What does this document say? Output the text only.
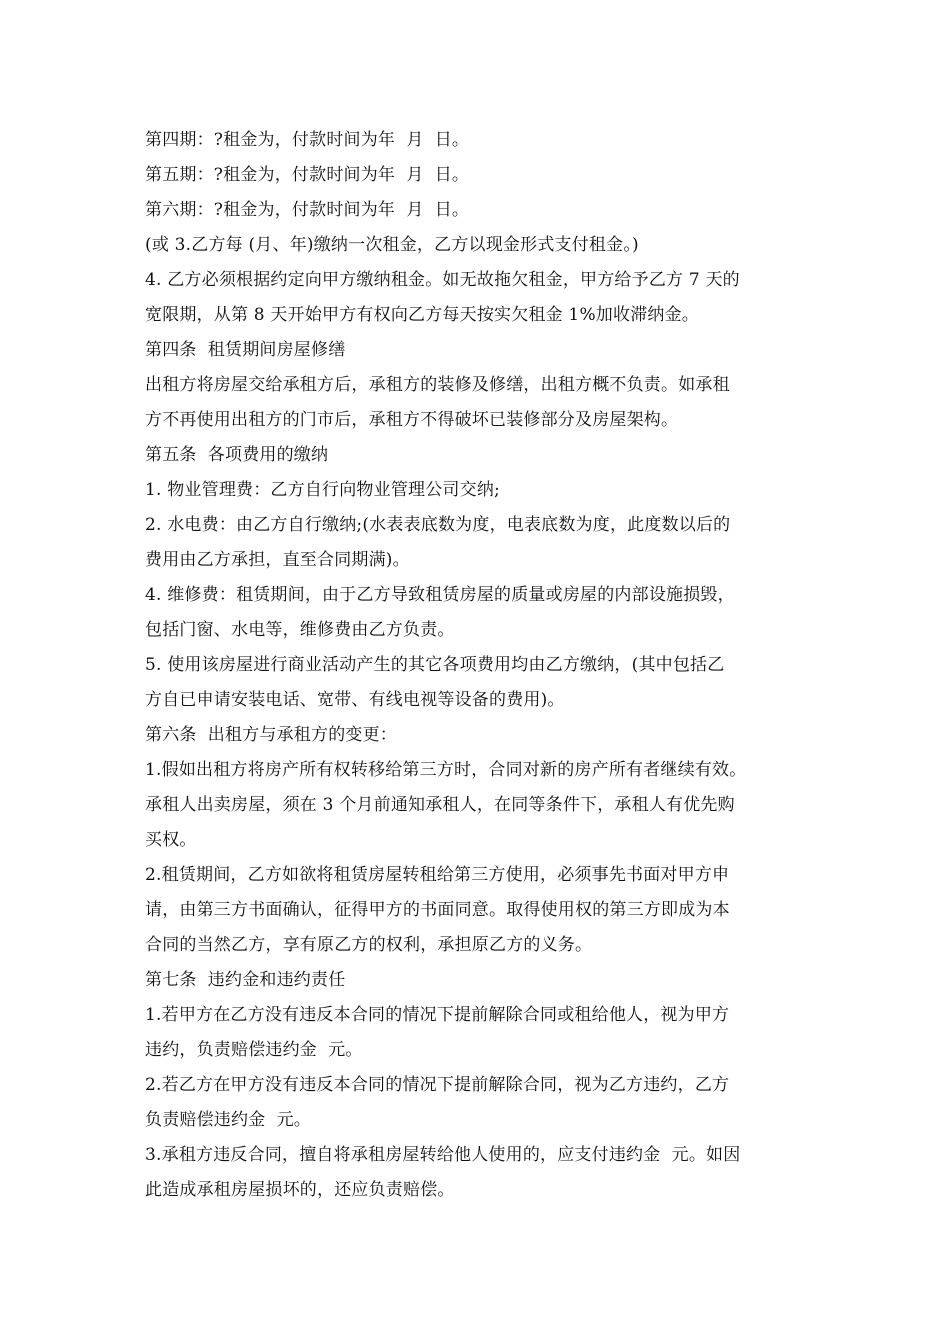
第四期：?租金为，付款时间为年  月  日。
第五期：?租金为，付款时间为年  月  日。
第六期：?租金为，付款时间为年  月  日。
(或 3.乙方每 (月、年)缴纳一次租金，乙方以现金形式支付租金。)
4. 乙方必须根据约定向甲方缴纳租金。如无故拖欠租金，甲方给予乙方 7 天的
宽限期，从第 8 天开始甲方有权向乙方每天按实欠租金 1%加收滞纳金。
第四条  租赁期间房屋修缮
出租方将房屋交给承租方后，承租方的装修及修缮，出租方概不负责。如承租
方不再使用出租方的门市后，承租方不得破坏已装修部分及房屋架构。
第五条  各项费用的缴纳
1. 物业管理费：乙方自行向物业管理公司交纳;
2. 水电费：由乙方自行缴纳;(水表表底数为度，电表底数为度，此度数以后的
费用由乙方承担，直至合同期满)。
4. 维修费：租赁期间，由于乙方导致租赁房屋的质量或房屋的内部设施损毁，
包括门窗、水电等，维修费由乙方负责。
5. 使用该房屋进行商业活动产生的其它各项费用均由乙方缴纳，(其中包括乙
方自已申请安装电话、宽带、有线电视等设备的费用)。
第六条  出租方与承租方的变更：
1.假如出租方将房产所有权转移给第三方时，合同对新的房产所有者继续有效。
承租人出卖房屋，须在 3 个月前通知承租人，在同等条件下，承租人有优先购
买权。
2.租赁期间，乙方如欲将租赁房屋转租给第三方使用，必须事先书面对甲方申
请，由第三方书面确认，征得甲方的书面同意。取得使用权的第三方即成为本
合同的当然乙方，享有原乙方的权利，承担原乙方的义务。
第七条  违约金和违约责任
1.若甲方在乙方没有违反本合同的情况下提前解除合同或租给他人，视为甲方
违约，负责赔偿违约金  元。
2.若乙方在甲方没有违反本合同的情况下提前解除合同，视为乙方违约，乙方
负责赔偿违约金  元。
3.承租方违反合同，擅自将承租房屋转给他人使用的，应支付违约金  元。如因
此造成承租房屋损坏的，还应负责赔偿。
